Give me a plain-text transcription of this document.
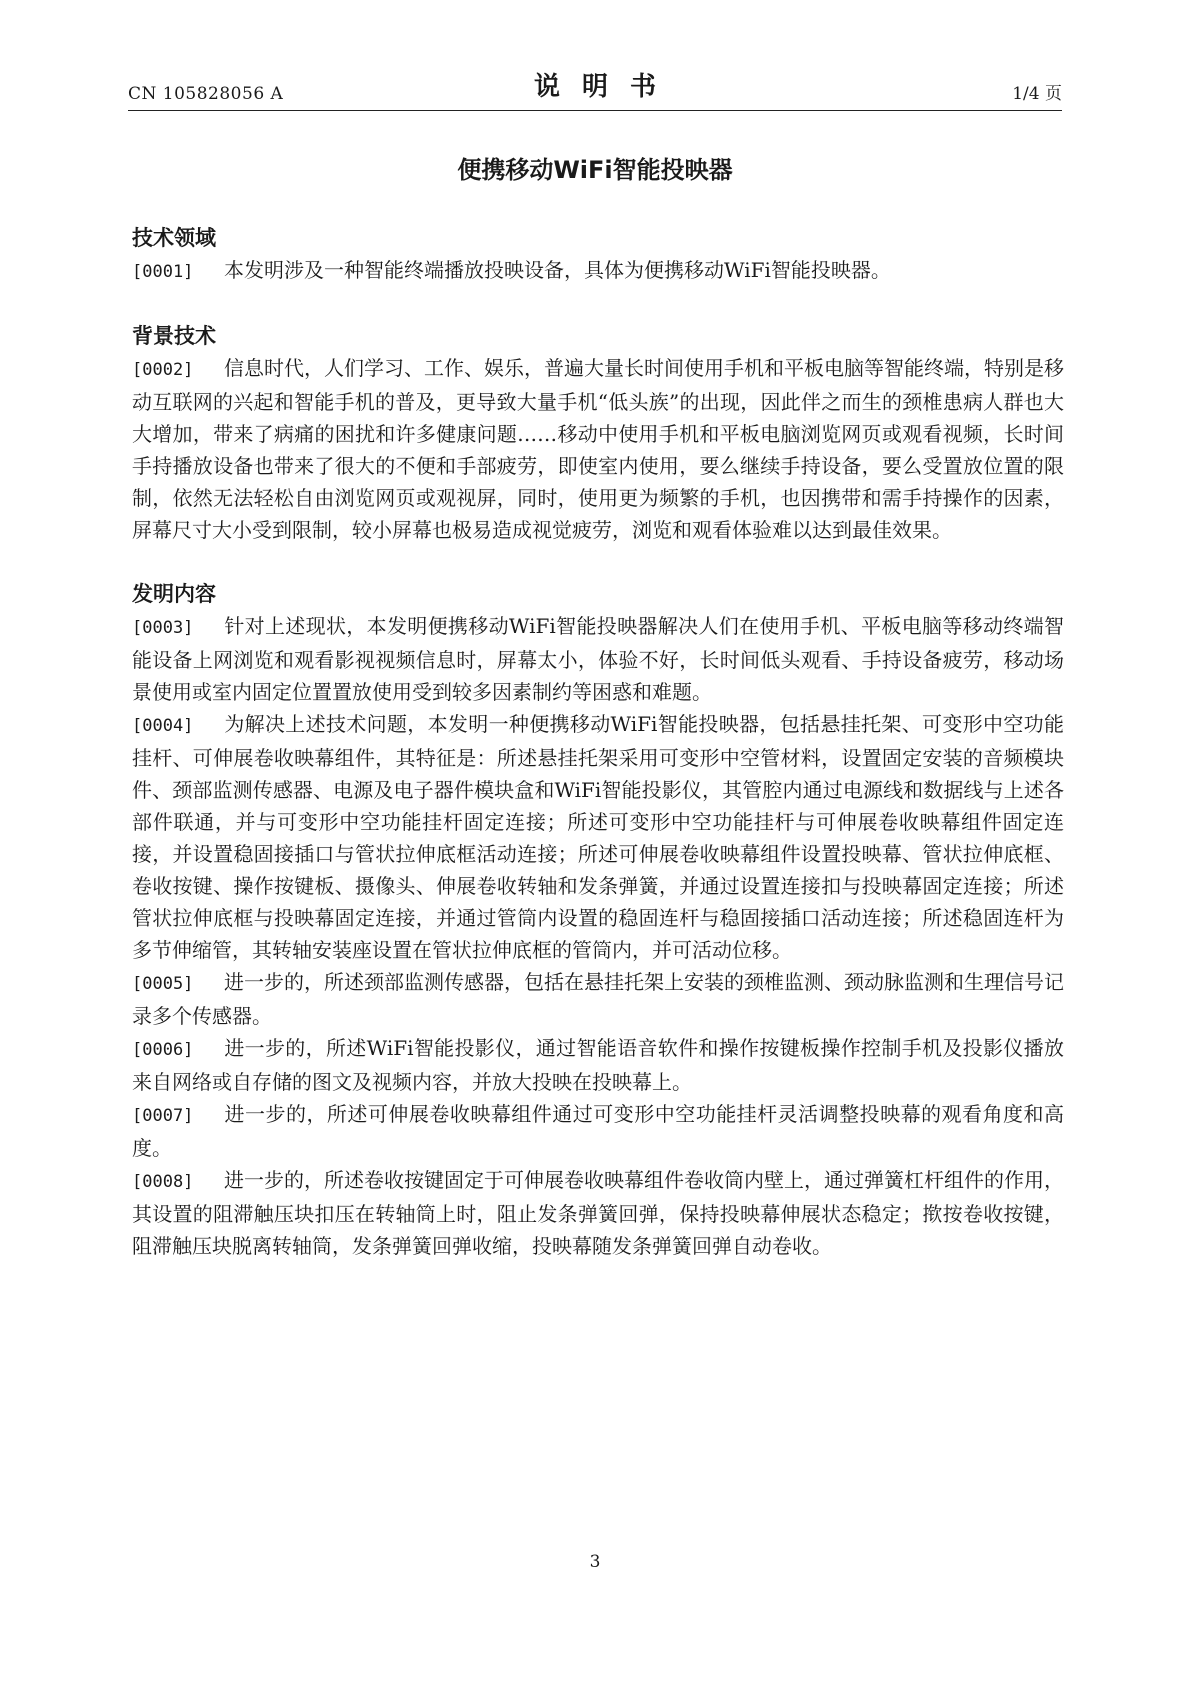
CN 105828056 A	说明书	1/4 页
便携移动WiFi智能投映器
技术领域

[0001] 本发明涉及一种智能终端播放投映设备，具体为便携移动WiFi智能投映器。

背景技术

[0002] 信息时代，人们学习、工作、娱乐，普遍大量长时间使用手机和平板电脑等智能终端，特别是移动互联网的兴起和智能手机的普及，更导致大量手机“低头族”的出现，因此伴之而生的颈椎患病人群也大大增加，带来了病痛的困扰和许多健康问题……移动中使用手机和平板电脑浏览网页或观看视频，长时间手持播放设备也带来了很大的不便和手部疲劳，即使室内使用，要么继续手持设备，要么受置放位置的限制，依然无法轻松自由浏览网页或观视屏，同时，使用更为频繁的手机，也因携带和需手持操作的因素，屏幕尺寸大小受到限制，较小屏幕也极易造成视觉疲劳，浏览和观看体验难以达到最佳效果。

发明内容

[0003] 针对上述现状，本发明便携移动WiFi智能投映器解决人们在使用手机、平板电脑等移动终端智能设备上网浏览和观看影视视频信息时，屏幕太小，体验不好，长时间低头观看、手持设备疲劳，移动场景使用或室内固定位置置放使用受到较多因素制约等困惑和难题。

[0004] 为解决上述技术问题，本发明一种便携移动WiFi智能投映器，包括悬挂托架、可变形中空功能挂杆、可伸展卷收映幕组件，其特征是：所述悬挂托架采用可变形中空管材料，设置固定安装的音频模块件、颈部监测传感器、电源及电子器件模块盒和WiFi智能投影仪，其管腔内通过电源线和数据线与上述各部件联通，并与可变形中空功能挂杆固定连接；所述可变形中空功能挂杆与可伸展卷收映幕组件固定连接，并设置稳固接插口与管状拉伸底框活动连接；所述可伸展卷收映幕组件设置投映幕、管状拉伸底框、卷收按键、操作按键板、摄像头、伸展卷收转轴和发条弹簧，并通过设置连接扣与投映幕固定连接；所述管状拉伸底框与投映幕固定连接，并通过管筒内设置的稳固连杆与稳固接插口活动连接；所述稳固连杆为多节伸缩管，其转轴安装座设置在管状拉伸底框的管筒内，并可活动位移。

[0005] 进一步的，所述颈部监测传感器，包括在悬挂托架上安装的颈椎监测、颈动脉监测和生理信号记录多个传感器。

[0006] 进一步的，所述WiFi智能投影仪，通过智能语音软件和操作按键板操作控制手机及投影仪播放来自网络或自存储的图文及视频内容，并放大投映在投映幕上。

[0007] 进一步的，所述可伸展卷收映幕组件通过可变形中空功能挂杆灵活调整投映幕的观看角度和高度。

[0008] 进一步的，所述卷收按键固定于可伸展卷收映幕组件卷收筒内壁上，通过弹簧杠杆组件的作用，其设置的阻滞触压块扣压在转轴筒上时，阻止发条弹簧回弹，保持投映幕伸展状态稳定；揿按卷收按键，阻滞触压块脱离转轴筒，发条弹簧回弹收缩，投映幕随发条弹簧回弹自动卷收。

3
